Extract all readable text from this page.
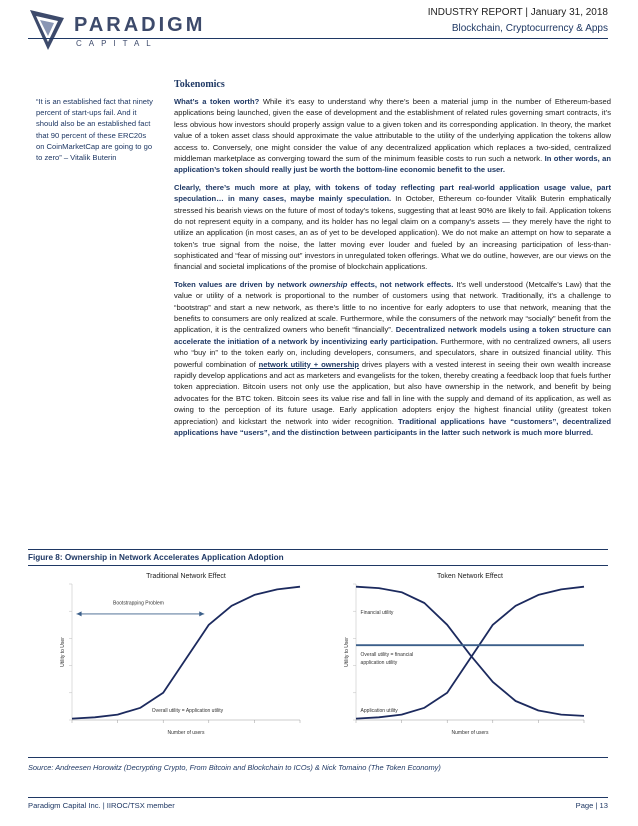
PARADIGM
CAPITAL
INDUSTRY REPORT | January 31, 2018
Blockchain, Cryptocurrency & Apps
“It is an established fact that ninety percent of start-ups fail. And it should also be an established fact that 90 percent of these ERC20s on CoinMarketCap are going to go to zero” – Vitalik Buterin
Tokenomics

What’s a token worth? While it’s easy to understand why there’s been a material jump in the number of Ethereum-based applications being launched, given the ease of development and the establishment of related rules governing smart contracts, it’s less obvious how investors should properly assign value to a given token and its corresponding application. In theory, the market value of a token asset class should approximate the value attributable to the utility of the underlying application the tokens allow access to. Conversely, one might consider the value of any decentralized application which replaces a two-sided, centralized middleman marketplace as converging toward the sum of the minimum feasible costs to run such a network. In other words, an application’s token should really just be worth the bottom-line economic benefit to the user.

Clearly, there’s much more at play, with tokens of today reflecting part real-world application usage value, part speculation… in many cases, maybe mainly speculation. In October, Ethereum co-founder Vitalik Buterin emphatically stressed his bearish views on the future of most of today’s tokens, suggesting that at least 90% are likely to fail. Application tokens do not represent equity in a company, and its holder has no legal claim on a company’s assets — they merely have the right to utilize an application (in most cases, an as of yet to be developed application). We do not make an attempt on how to separate a token’s true signal from the noise, the latter moving ever louder and fueled by an increasing participation of less-than-sophisticated and “fear of missing out” investors in unregulated token offerings. What we do outline, however, are our views on the financial and societal implications of the promise of blockchain applications.

Token values are driven by network ownership effects, not network effects. It’s well understood (Metcalfe’s Law) that the value or utility of a network is proportional to the number of customers using that network. Traditionally, it’s a challenge to “bootstrap” and start a new network, as there’s little to no incentive for early adopters to use that network, meaning that the benefits to consumers are only realized at scale. Furthermore, while the consumers of the network may “socially” benefit from the application, it is the centralized owners who benefit “financially”. Decentralized network models using a token structure can accelerate the initiation of a network by incentivizing early participation. Furthermore, with no centralized owners, all users who “buy in” to the token early on, including developers, consumers, and speculators, share in outsized financial utility. This powerful combination of network utility + ownership drives players with a vested interest in seeing their own wealth increase rapidly develop applications and act as marketers and evangelists for the token, thereby creating a feedback loop that fuels further token appreciation. Bitcoin users not only use the application, but also have ownership in the network, and benefit by being advocates for the BTC token. Bitcoin sees its value rise and fall in line with the supply and demand of its application, as well as owing to the perception of its future usage. Early application adopters enjoy the highest financial utility (greatest token appreciation) and kickstart the network into wider recognition. Traditional applications have “customers”, decentralized applications have “users”, and the distinction between participants in the latter such network is much more blurred.

Figure 8: Ownership in Network Accelerates Application Adoption
Traditional Network Effect
Number of users
Utility to User
Bootstrapping Problem
Overall utility = Application utility
Token Network Effect
Number of users
Utility to User
Financial utility
Overall utility = financial
application utility
Application utility
Source: Andreesen Horowitz (Decrypting Crypto, From Bitcoin and Blockchain to ICOs) & Nick Tomaino (The Token Economy)
Paradigm Capital Inc. | IIROC/TSX member	Page | 13
